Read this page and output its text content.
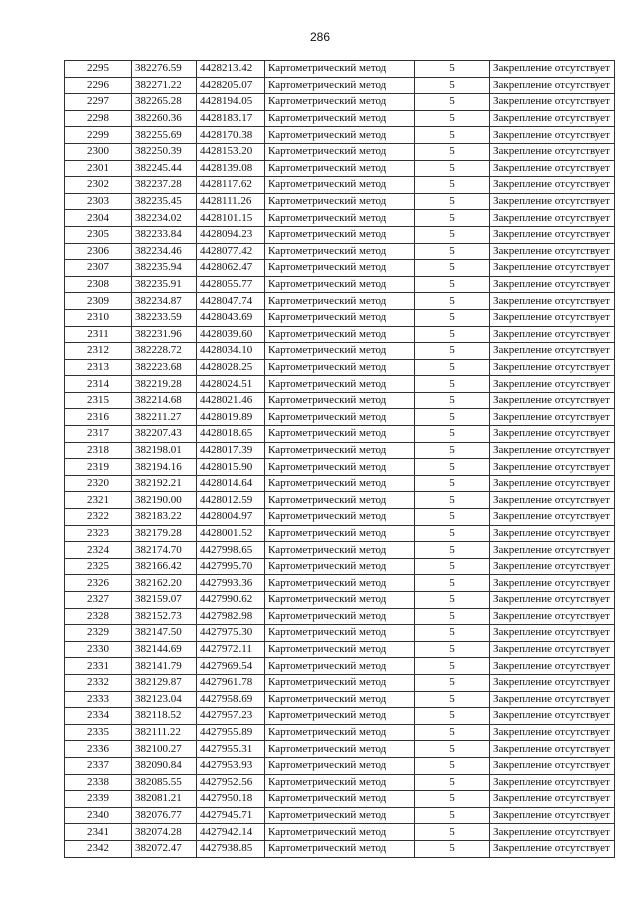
286
2295	382276.59	4428213.42	Картометрический метод	5	Закрепление отсутствует
2296	382271.22	4428205.07	Картометрический метод	5	Закрепление отсутствует
2297	382265.28	4428194.05	Картометрический метод	5	Закрепление отсутствует
2298	382260.36	4428183.17	Картометрический метод	5	Закрепление отсутствует
2299	382255.69	4428170.38	Картометрический метод	5	Закрепление отсутствует
2300	382250.39	4428153.20	Картометрический метод	5	Закрепление отсутствует
2301	382245.44	4428139.08	Картометрический метод	5	Закрепление отсутствует
2302	382237.28	4428117.62	Картометрический метод	5	Закрепление отсутствует
2303	382235.45	4428111.26	Картометрический метод	5	Закрепление отсутствует
2304	382234.02	4428101.15	Картометрический метод	5	Закрепление отсутствует
2305	382233.84	4428094.23	Картометрический метод	5	Закрепление отсутствует
2306	382234.46	4428077.42	Картометрический метод	5	Закрепление отсутствует
2307	382235.94	4428062.47	Картометрический метод	5	Закрепление отсутствует
2308	382235.91	4428055.77	Картометрический метод	5	Закрепление отсутствует
2309	382234.87	4428047.74	Картометрический метод	5	Закрепление отсутствует
2310	382233.59	4428043.69	Картометрический метод	5	Закрепление отсутствует
2311	382231.96	4428039.60	Картометрический метод	5	Закрепление отсутствует
2312	382228.72	4428034.10	Картометрический метод	5	Закрепление отсутствует
2313	382223.68	4428028.25	Картометрический метод	5	Закрепление отсутствует
2314	382219.28	4428024.51	Картометрический метод	5	Закрепление отсутствует
2315	382214.68	4428021.46	Картометрический метод	5	Закрепление отсутствует
2316	382211.27	4428019.89	Картометрический метод	5	Закрепление отсутствует
2317	382207.43	4428018.65	Картометрический метод	5	Закрепление отсутствует
2318	382198.01	4428017.39	Картометрический метод	5	Закрепление отсутствует
2319	382194.16	4428015.90	Картометрический метод	5	Закрепление отсутствует
2320	382192.21	4428014.64	Картометрический метод	5	Закрепление отсутствует
2321	382190.00	4428012.59	Картометрический метод	5	Закрепление отсутствует
2322	382183.22	4428004.97	Картометрический метод	5	Закрепление отсутствует
2323	382179.28	4428001.52	Картометрический метод	5	Закрепление отсутствует
2324	382174.70	4427998.65	Картометрический метод	5	Закрепление отсутствует
2325	382166.42	4427995.70	Картометрический метод	5	Закрепление отсутствует
2326	382162.20	4427993.36	Картометрический метод	5	Закрепление отсутствует
2327	382159.07	4427990.62	Картометрический метод	5	Закрепление отсутствует
2328	382152.73	4427982.98	Картометрический метод	5	Закрепление отсутствует
2329	382147.50	4427975.30	Картометрический метод	5	Закрепление отсутствует
2330	382144.69	4427972.11	Картометрический метод	5	Закрепление отсутствует
2331	382141.79	4427969.54	Картометрический метод	5	Закрепление отсутствует
2332	382129.87	4427961.78	Картометрический метод	5	Закрепление отсутствует
2333	382123.04	4427958.69	Картометрический метод	5	Закрепление отсутствует
2334	382118.52	4427957.23	Картометрический метод	5	Закрепление отсутствует
2335	382111.22	4427955.89	Картометрический метод	5	Закрепление отсутствует
2336	382100.27	4427955.31	Картометрический метод	5	Закрепление отсутствует
2337	382090.84	4427953.93	Картометрический метод	5	Закрепление отсутствует
2338	382085.55	4427952.56	Картометрический метод	5	Закрепление отсутствует
2339	382081.21	4427950.18	Картометрический метод	5	Закрепление отсутствует
2340	382076.77	4427945.71	Картометрический метод	5	Закрепление отсутствует
2341	382074.28	4427942.14	Картометрический метод	5	Закрепление отсутствует
2342	382072.47	4427938.85	Картометрический метод	5	Закрепление отсутствует
